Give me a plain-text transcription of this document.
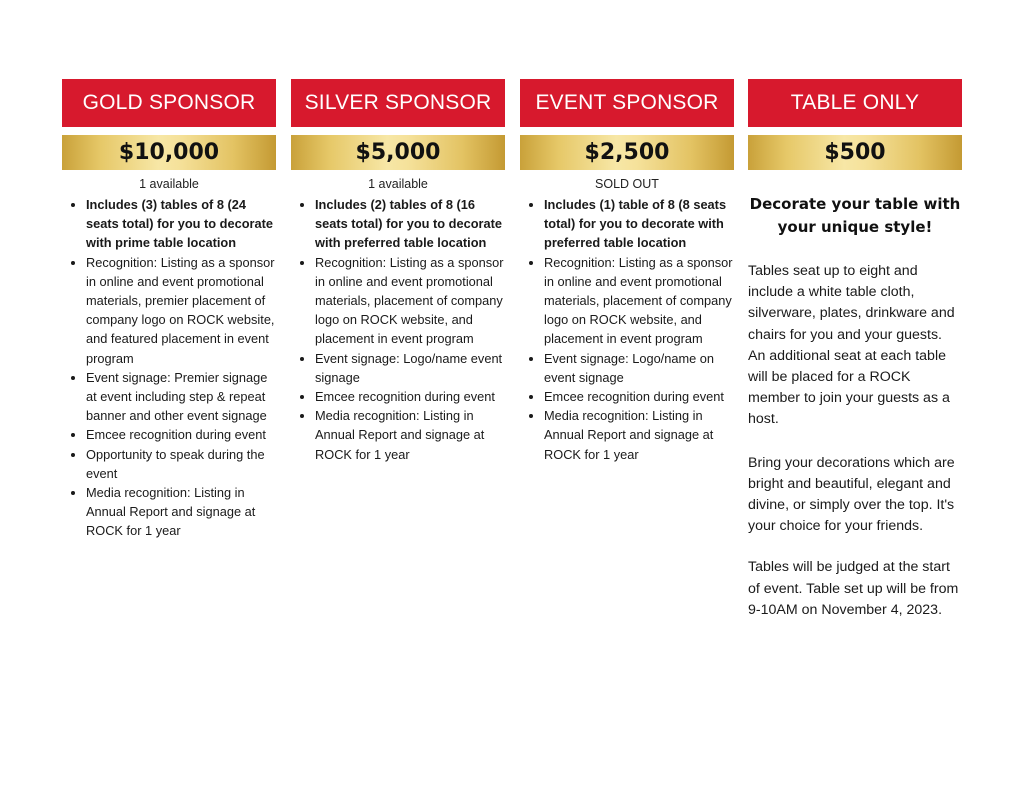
GOLD SPONSOR
$10,000
1 available
• Includes (3) tables of 8 (24 seats total) for you to decorate with prime table location
• Recognition: Listing as a sponsor in online and event promotional materials, premier placement of company logo on ROCK website, and featured placement in event program
• Event signage: Premier signage at event including step & repeat banner and other event signage
• Emcee recognition during event
• Opportunity to speak during the event
• Media recognition: Listing in Annual Report and signage at ROCK for 1 year
SILVER SPONSOR
$5,000
1 available
• Includes (2) tables of 8 (16 seats total) for you to decorate with preferred table location
• Recognition: Listing as a sponsor in online and event promotional materials, placement of company logo on ROCK website, and placement in event program
• Event signage: Logo/name event signage
• Emcee recognition during event
• Media recognition: Listing in Annual Report and signage at ROCK for 1 year
EVENT SPONSOR
$2,500
SOLD OUT
• Includes (1) table of 8 (8 seats total) for you to decorate with preferred table location
• Recognition: Listing as a sponsor in online and event promotional materials, placement of company logo on ROCK website, and placement in event program
• Event signage: Logo/name on event signage
• Emcee recognition during event
• Media recognition: Listing in Annual Report and signage at ROCK for 1 year
TABLE ONLY
$500
Decorate your table with your unique style!

Tables seat up to eight and include a white table cloth, silverware, plates, drinkware and chairs for you and your guests. An additional seat at each table will be placed for a ROCK member to join your guests as a host.

Bring your decorations which are bright and beautiful, elegant and divine, or simply over the top. It's your choice for your friends.

Tables will be judged at the start of event. Table set up will be from 9-10AM on November 4, 2023.
